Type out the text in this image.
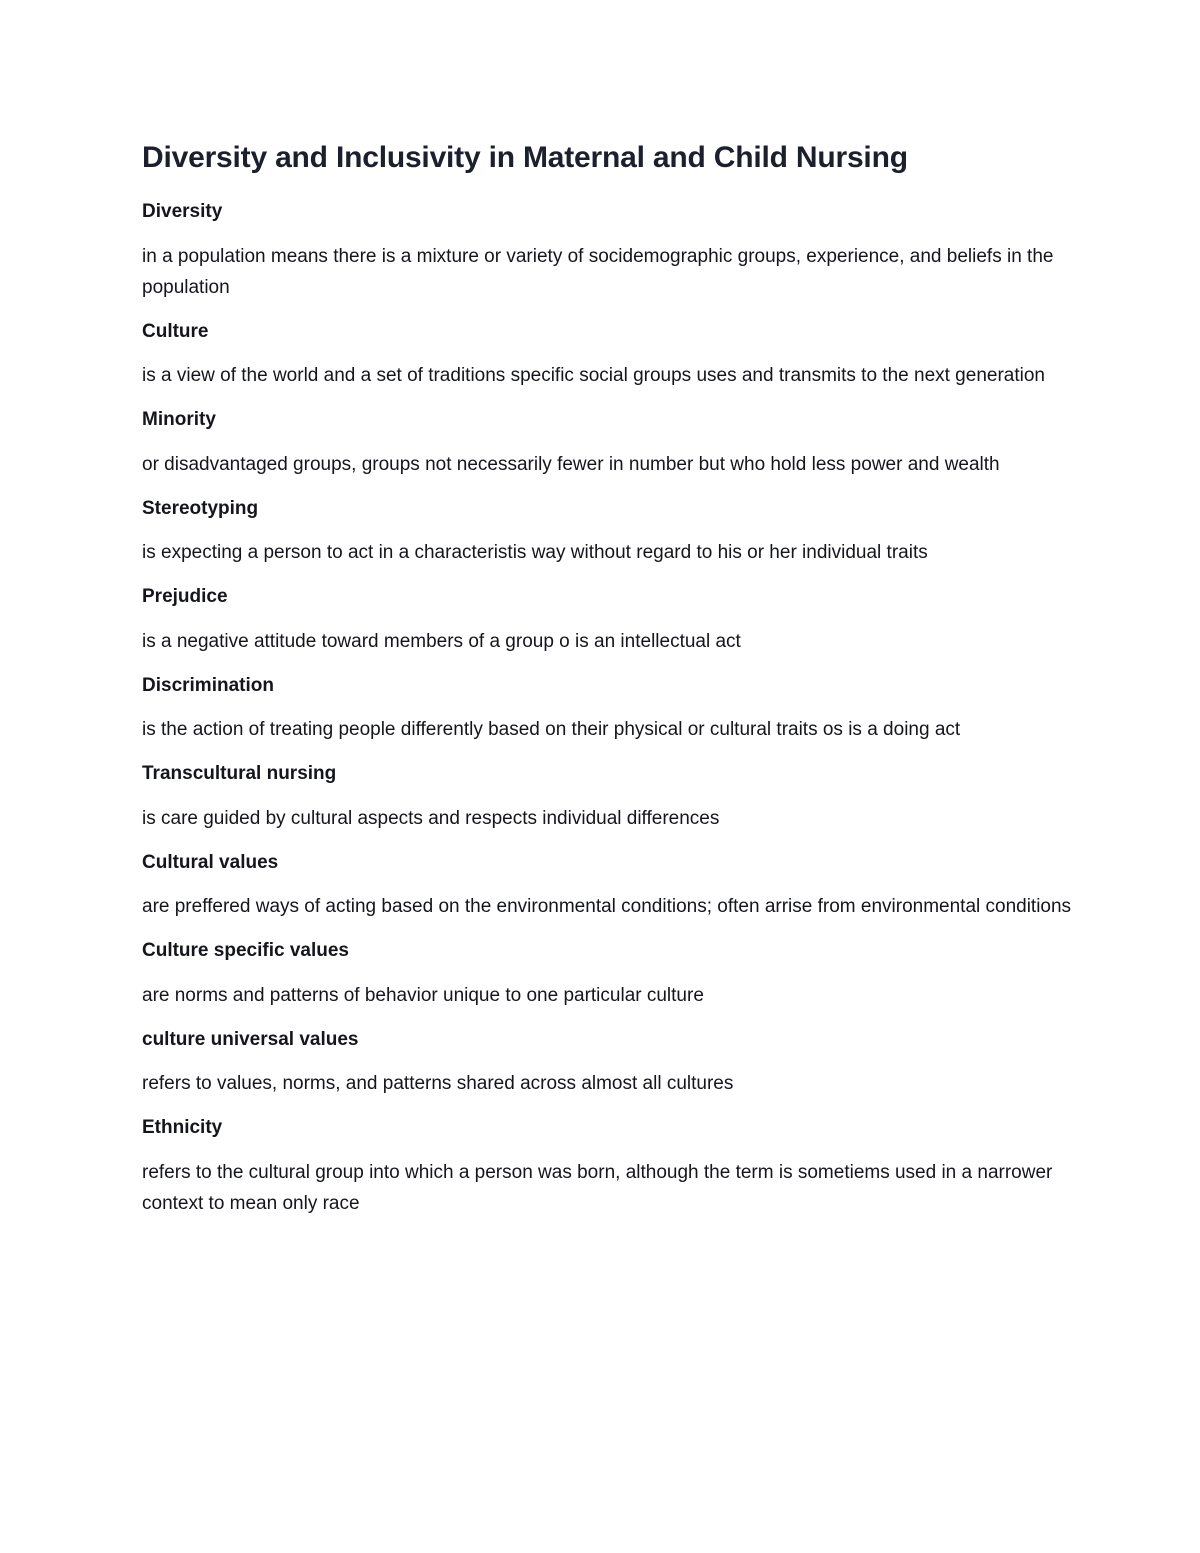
Diversity and Inclusivity in Maternal and Child Nursing

Diversity

in a population means there is a mixture or variety of socidemographic groups, experience, and beliefs in the population

Culture

is a view of the world and a set of traditions specific social groups uses and transmits to the next generation

Minority

or disadvantaged groups, groups not necessarily fewer in number but who hold less power and wealth

Stereotyping

is expecting a person to act in a characteristis way without regard to his or her individual traits

Prejudice

is a negative attitude toward members of a group o is an intellectual act

Discrimination

is the action of treating people differently based on their physical or cultural traits os is a doing act

Transcultural nursing

is care guided by cultural aspects and respects individual differences

Cultural values

are preffered ways of acting based on the environmental conditions; often arrise from environmental conditions

Culture specific values

are norms and patterns of behavior unique to one particular culture

culture universal values

refers to values, norms, and patterns shared across almost all cultures

Ethnicity

refers to the cultural group into which a person was born, although the term is sometiems used in a narrower context to mean only race
